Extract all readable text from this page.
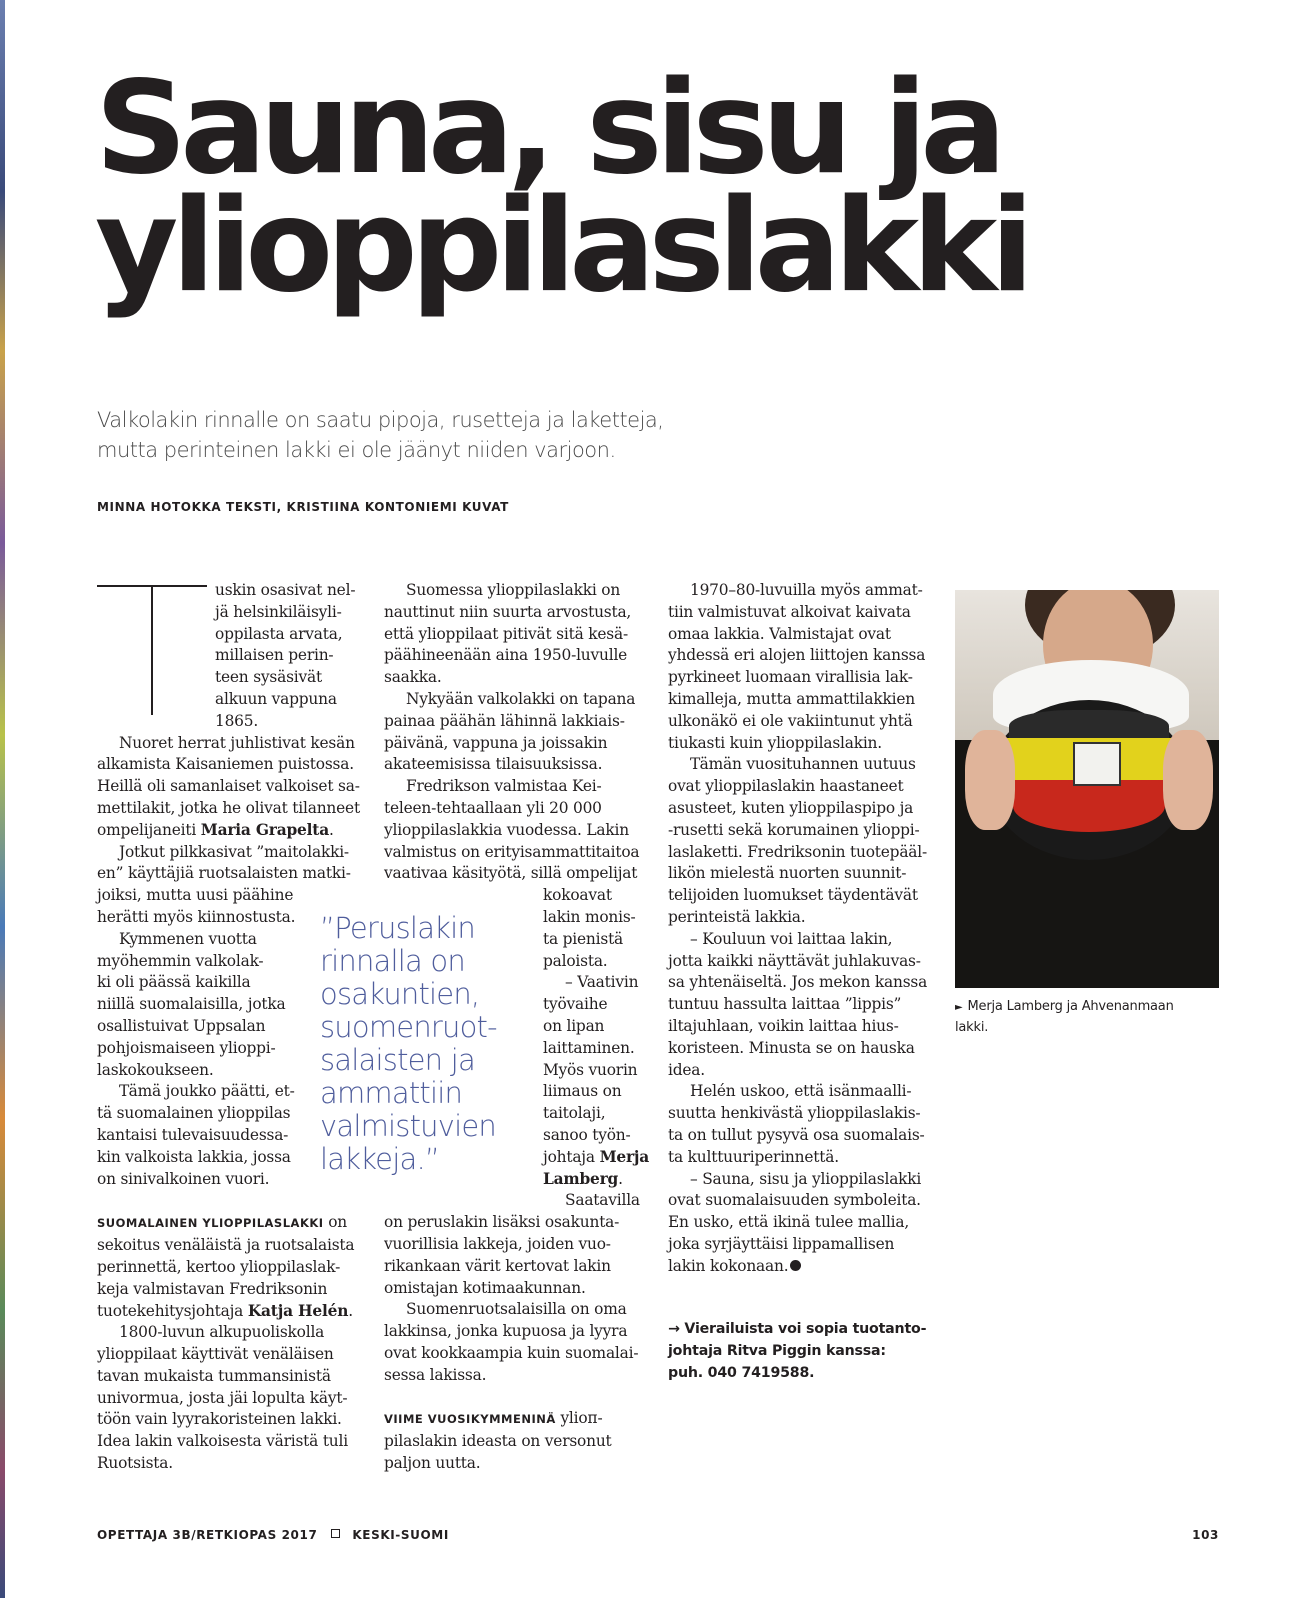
Sauna, sisu ja
ylioppilaslakki
Valkolakin rinnalle on saatu pipoja, rusetteja ja laketteja,
mutta perinteinen lakki ei ole jäänyt niiden varjoon.
MINNA HOTOKKA TEKSTI, KRISTIINA KONTONIEMI KUVAT
uskin osasivat nel-
jä helsinkiläisyli-
oppilasta arvata,
millaisen perin-
teen sysäsivät
alkuun vappuna
1865.
Nuoret herrat juhlistivat kesän
alkamista Kaisaniemen puistossa.
Heillä oli samanlaiset valkoiset sa-
mettilakit, jotka he olivat tilanneet
ompelijaneiti Maria Grapelta.
Jotkut pilkkasivat ”maitolakki-
en” käyttäjiä ruotsalaisten matki-
joiksi, mutta uusi päähine
herätti myös kiinnostusta.
Kymmenen vuotta
myöhemmin valkolak-
ki oli päässä kaikilla
niillä suomalaisilla, jotka
osallistuivat Uppsalan
pohjoismaiseen ylioppi-
laskokoukseen.
Tämä joukko päätti, et-
tä suomalainen ylioppilas
kantaisi tulevaisuudessa-
kin valkoista lakkia, jossa
on sinivalkoinen vuori.
SUOMALAINEN YLIOPPILASLAKKI on
sekoitus venäläistä ja ruotsalaista
perinnettä, kertoo ylioppilaslak-
keja valmistavan Fredriksonin
tuotekehitysjohtaja Katja Helén.
1800-luvun alkupuoliskolla
ylioppilaat käyttivät venäläisen
tavan mukaista tummansinistä
univormua, josta jäi lopulta käyt-
töön vain lyyrakoristeinen lakki.
Idea lakin valkoisesta väristä tuli
Ruotsista.
Suomessa ylioppilaslakki on
nauttinut niin suurta arvostusta,
että ylioppilaat pitivät sitä kesä-
päähineenään aina 1950-luvulle
saakka.
Nykyään valkolakki on tapana
painaa päähän lähinnä lakkiais-
päivänä, vappuna ja joissakin
akateemisissa tilaisuuksissa.
Fredrikson valmistaa Kei-
teleen-tehtaallaan yli 20 000
ylioppilaslakkia vuodessa. Lakin
valmistus on erityisammattitaitoa
vaativaa käsityötä, sillä ompelijat
kokoavat
lakin monis-
ta pienistä
paloista.
– Vaativin
työvaihe
on lipan
laittaminen.
Myös vuorin
liimaus on
taitolaji,
sanoo työn-
johtaja Merja
Lamberg.
Saatavilla
on peruslakin lisäksi osakunta-
vuorillisia lakkeja, joiden vuo-
rikankaan värit kertovat lakin
omistajan kotimaakunnan.
Suomenruotsalaisilla on oma
lakkinsa, jonka kupuosa ja lyyra
ovat kookkaampia kuin suomalai-
sessa lakissa.
VIIME VUOSIKYMMENINÄ ylioп-
pilaslakin ideasta on versonut
paljon uutta.
”Peruslakin
rinnalla on
osakuntien,
suomenruot-
salaisten ja
ammattiin
valmistuvien
lakkeja.”
1970–80-luvuilla myös ammat-
tiin valmistuvat alkoivat kaivata
omaa lakkia. Valmistajat ovat
yhdessä eri alojen liittojen kanssa
pyrkineet luomaan virallisia lak-
kimalleja, mutta ammattilakkien
ulkonäkö ei ole vakiintunut yhtä
tiukasti kuin ylioppilaslakin.
Tämän vuosituhannen uutuus
ovat ylioppilaslakin haastaneet
asusteet, kuten ylioppilaspipo ja
-rusetti sekä korumainen ylioppi-
laslaketti. Fredriksonin tuotepääl-
likön mielestä nuorten suunnit-
telijoiden luomukset täydentävät
perinteistä lakkia.
– Kouluun voi laittaa lakin,
jotta kaikki näyttävät juhlakuvas-
sa yhtenäiseltä. Jos mekon kanssa
tuntuu hassulta laittaa ”lippis”
iltajuhlaan, voikin laittaa hius-
koristeen. Minusta se on hauska
idea.
Helén uskoo, että isänmaalli-
suutta henkivästä ylioppilaslakis-
ta on tullut pysyvä osa suomalais-
ta kulttuuriperinnettä.
– Sauna, sisu ja ylioppilaslakki
ovat suomalaisuuden symboleita.
En usko, että ikinä tulee mallia,
joka syrjäyttäisi lippamallisen
lakin kokonaan.
→ Vierailuista voi sopia tuotanto-
johtaja Ritva Piggin kanssa:
puh. 040 7419588.
► Merja Lamberg ja Ahvenanmaan
lakki.
OPETTAJA 3B/RETKIOPAS 2017	KESKI-SUOMI	103
